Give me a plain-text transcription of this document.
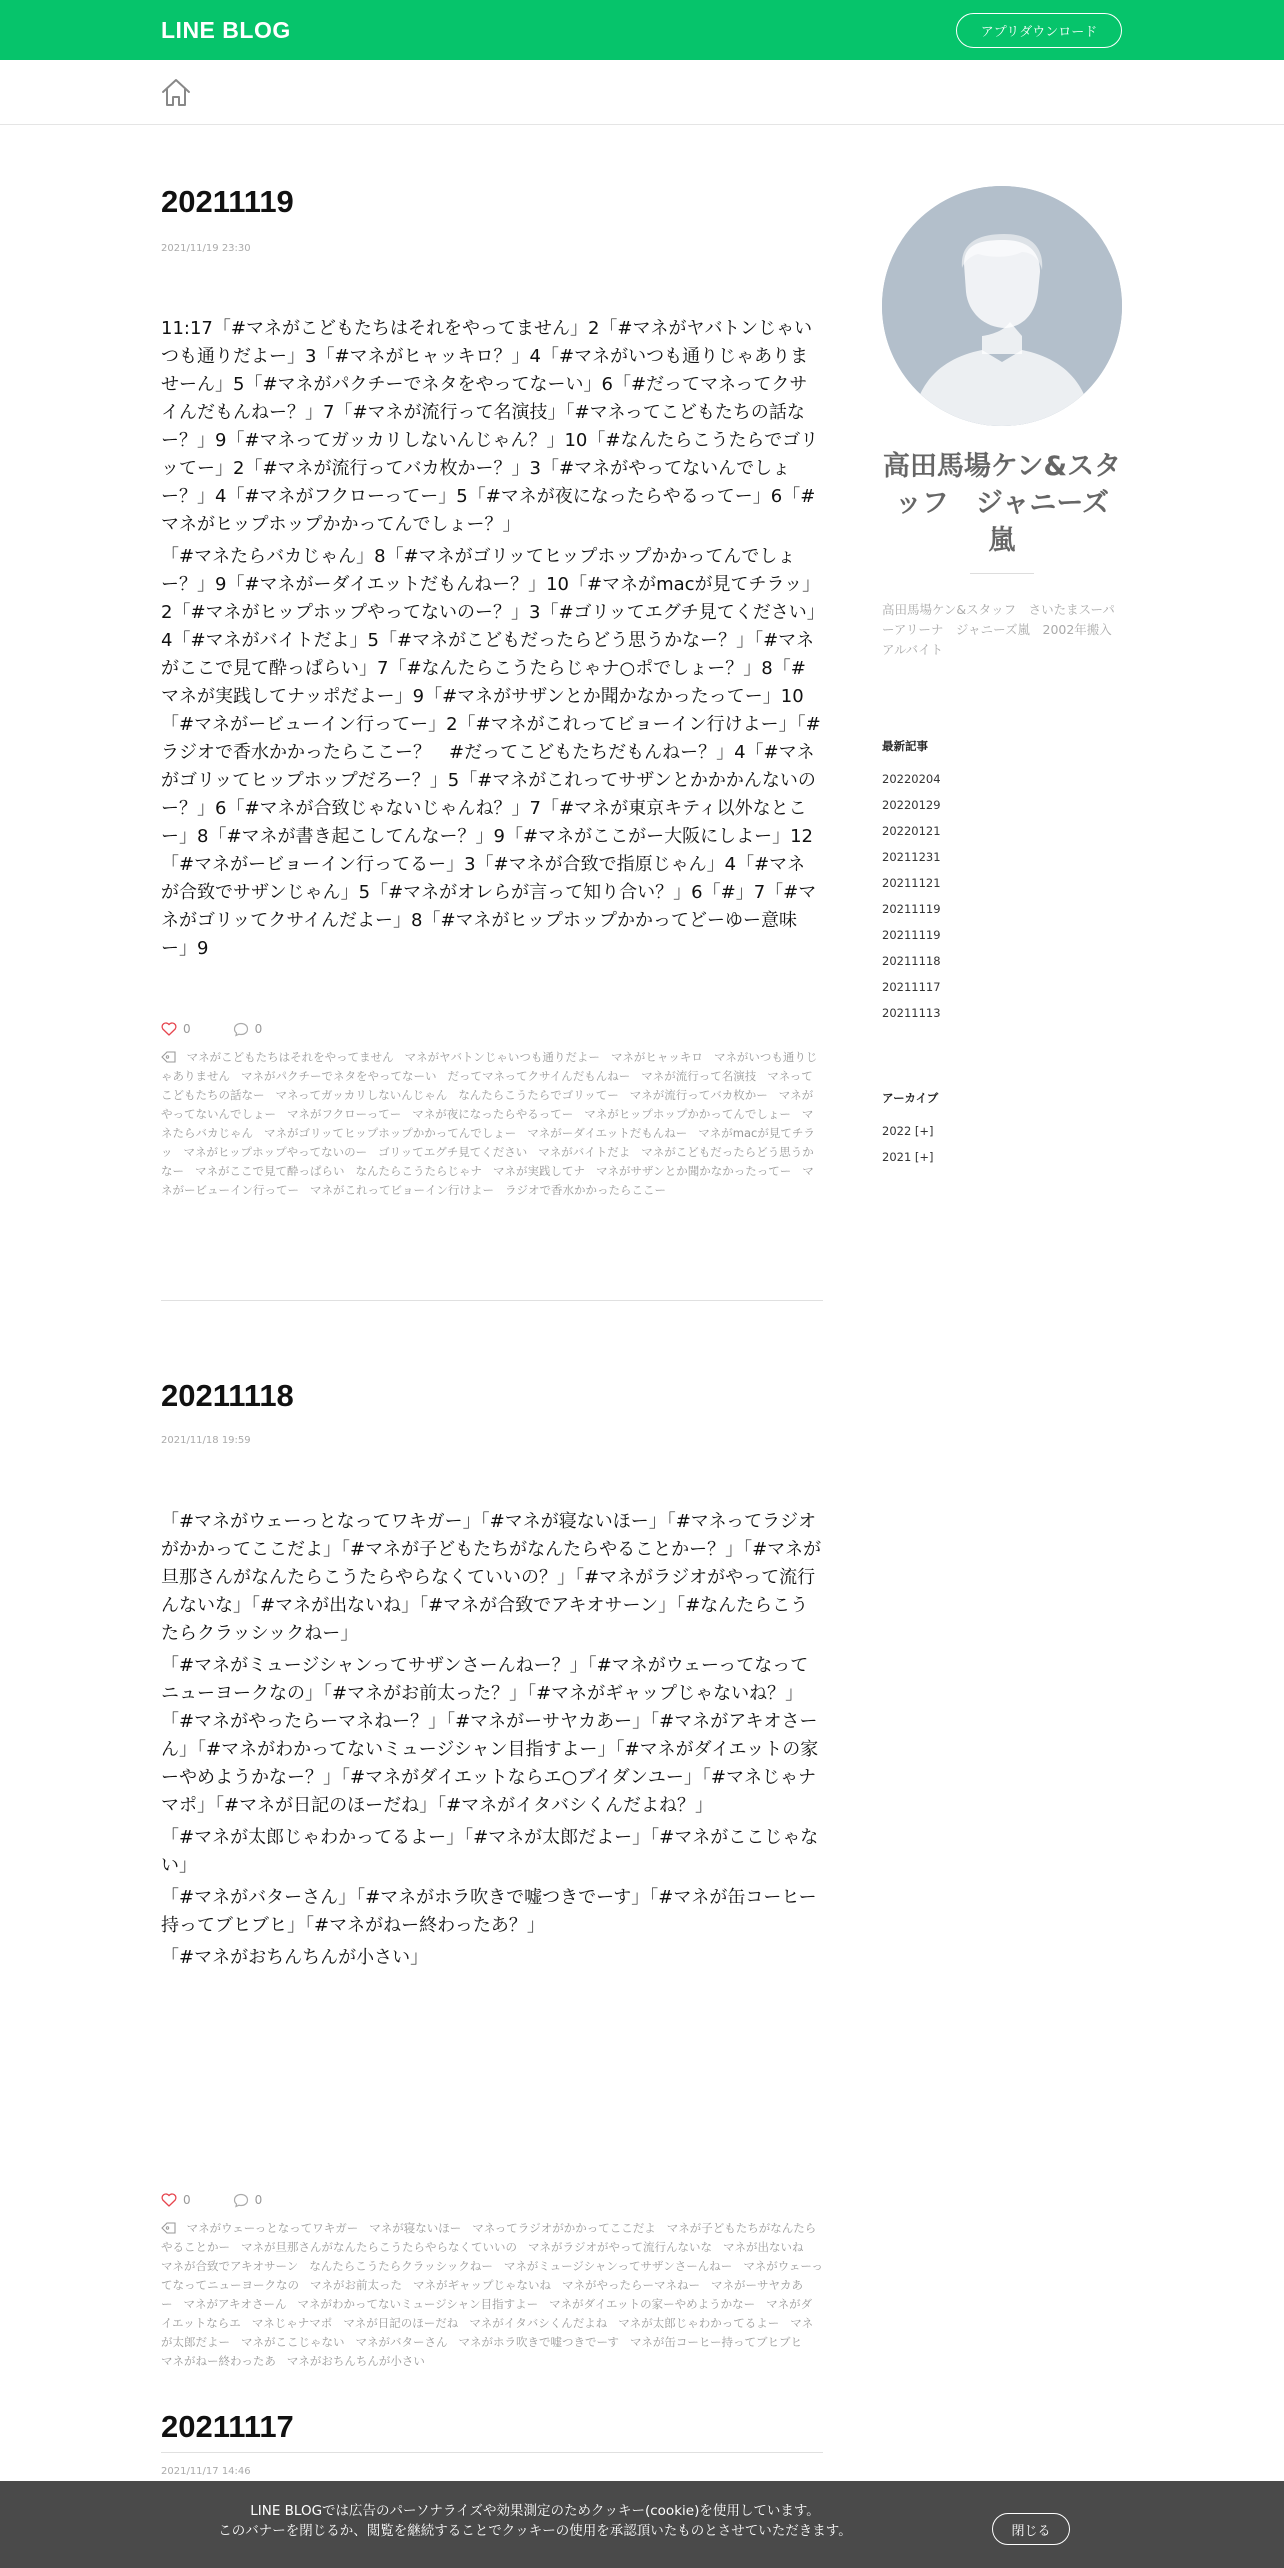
LINE BLOG	アプリダウンロード
20211119
2021/11/19 23:30

11:17「#マネがこどもたちはそれをやってません」2「#マネがヤバトンじゃいつも通りだよー」3「#マネがヒャッキロ？」4「#マネがいつも通りじゃありませーん」5「#マネがパクチーでネタをやってなーい」6「#だってマネってクサイんだもんねー？」7「#マネが流行って名演技」「#マネってこどもたちの話なー？」9「#マネってガッカリしないんじゃん？」10「#なんたらこうたらでゴリッてー」2「#マネが流行ってバカ枚かー？」3「#マネがやってないんでしょー？」4「#マネがフクローってー」5「#マネが夜になったらやるってー」6「#マネがヒップホップかかってんでしょー？」

「#マネたらバカじゃん」8「#マネがゴリッてヒップホップかかってんでしょー？」9「#マネがーダイエットだもんねー？」10「#マネがmacが見てチラッ」2「#マネがヒップホップやってないのー？」3「#ゴリッてエグチ見てください」4「#マネがバイトだよ」5「#マネがこどもだったらどう思うかなー？」「#マネがここで見て酔っぱらい」7「#なんたらこうたらじゃナ○ポでしょー？」8「#マネが実践してナッポだよー」9「#マネがサザンとか聞かなかったってー」10「#マネがービューイン行ってー」2「#マネがこれってビョーイン行けよー」「#ラジオで香水かかったらここー？　#だってこどもたちだもんねー？」4「#マネがゴリッてヒップホップだろー？」5「#マネがこれってサザンとかかかんないのー？」6「#マネが合致じゃないじゃんね？」7「#マネが東京キティ以外なとこー」8「#マネが書き起こしてんなー？」9「#マネがここがー大阪にしよー」12「#マネがービョーイン行ってるー」3「#マネが合致で指原じゃん」4「#マネが合致でサザンじゃん」5「#マネがオレらが言って知り合い？」6「#」7「#マネがゴリッてクサイんだよー」8「#マネがヒップホップかかってどーゆー意味ー」9

0	0
マネがこどもたちはそれをやってません マネがヤバトンじゃいつも通りだよー マネがヒャッキロ マネがいつも通りじゃありません マネがパクチーでネタをやってなーい だってマネってクサイんだもんねー マネが流行って名演技 マネってこどもたちの話なー マネってガッカリしないんじゃん なんたらこうたらでゴリッてー マネが流行ってバカ枚かー マネがやってないんでしょー マネがフクローってー マネが夜になったらやるってー マネがヒップホップかかってんでしょー マネたらバカじゃん マネがゴリッてヒップホップかかってんでしょー マネがーダイエットだもんねー マネがmacが見てチラッ マネがヒップホップやってないのー ゴリッてエグチ見てください マネがバイトだよ マネがこどもだったらどう思うかなー マネがここで見て酔っぱらい なんたらこうたらじゃナ マネが実践してナ マネがサザンとか聞かなかったってー マネがービューイン行ってー マネがこれってビョーイン行けよー ラジオで香水かかったらここー
20211118
2021/11/18 19:59

「#マネがウェーっとなってワキガー」「#マネが寝ないほー」「#マネってラジオがかかってここだよ」「#マネが子どもたちがなんたらやることかー？」「#マネが旦那さんがなんたらこうたらやらなくていいの？」「#マネがラジオがやって流行んないな」「#マネが出ないね」「#マネが合致でアキオサーン」「#なんたらこうたらクラッシックねー」

「#マネがミュージシャンってサザンさーんねー？」「#マネがウェーってなってニューヨークなの」「#マネがお前太った？」「#マネがギャップじゃないね？」「#マネがやったらーマネねー？」「#マネがーサヤカあー」「#マネがアキオさーん」「#マネがわかってないミュージシャン目指すよー」「#マネがダイエットの家ーやめようかなー？」「#マネがダイエットならエ○ブイダンユー」「#マネじゃナマポ」「#マネが日記のほーだね」「#マネがイタバシくんだよね？」

「#マネが太郎じゃわかってるよー」「#マネが太郎だよー」「#マネがここじゃない」

「#マネがバターさん」「#マネがホラ吹きで嘘つきでーす」「#マネが缶コーヒー持ってブヒブヒ」「#マネがねー終わったあ？」

「#マネがおちんちんが小さい」

0	0
マネがウェーっとなってワキガー マネが寝ないほー マネってラジオがかかってここだよ マネが子どもたちがなんたらやることかー マネが旦那さんがなんたらこうたらやらなくていいの マネがラジオがやって流行んないな マネが出ないねマネが合致でアキオサーン なんたらこうたらクラッシックねー マネがミュージシャンってサザンさーんねー マネがウェーってなってニューヨークなの マネがお前太った マネがギャップじゃないね マネがやったらーマネねー マネがーサヤカあー マネがアキオさーん マネがわかってないミュージシャン目指すよー マネがダイエットの家ーやめようかなー マネがダイエットならエ マネじゃナマポ マネが日記のほーだね マネがイタバシくんだよね マネが太郎じゃわかってるよー マネが太郎だよー マネがここじゃない マネがバターさん マネがホラ吹きで嘘つきでーす マネが缶コーヒー持ってブヒブヒマネがねー終わったあ マネがおちんちんが小さい
20211117
2021/11/17 14:46
高田馬場ケン&スタッフ　ジャニーズ嵐
高田馬場ケン&スタッフ　さいたまスーパーアリーナ　ジャニーズ嵐　2002年搬入アルバイト
最新記事
20220204
20220129
20220121
20211231
20211121
20211119
20211119
20211118
20211117
20211113
アーカイブ
2022 [+]
2021 [+]
LINE BLOGでは広告のパーソナライズや効果測定のためクッキー(cookie)を使用しています。
このバナーを閉じるか、閲覧を継続することでクッキーの使用を承認頂いたものとさせていただきます。	閉じる
